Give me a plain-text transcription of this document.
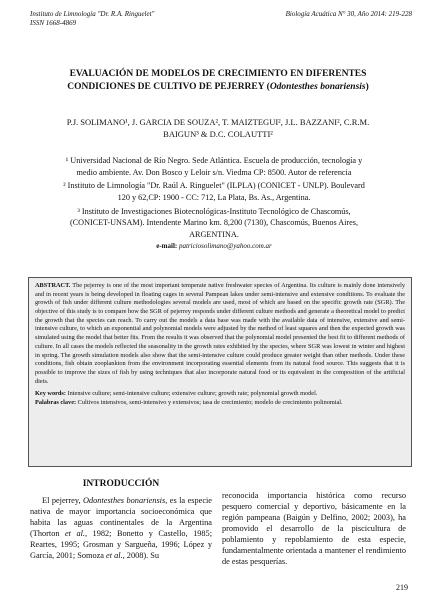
Instituto de Limnología "Dr. R.A. Ringuelet"
ISSN 1668-4869
Biología Acuática N° 30, Año 2014: 219-228
EVALUACIÓN DE MODELOS DE CRECIMIENTO EN DIFERENTES CONDICIONES DE CULTIVO DE PEJERREY (Odontesthes bonariensis)
P.J. SOLIMANO¹, J. GARCIA DE SOUZA², T. MAIZTEGUI², J.L. BAZZANI², C.R.M. BAIGUN³ & D.C. COLAUTTI²

¹ Universidad Nacional de Río Negro. Sede Atlántica. Escuela de producción, tecnología y medio ambiente. Av. Don Bosco y Leloir s/n. Viedma CP: 8500. Autor de referencia

² Instituto de Limnología "Dr. Raúl A. Ringuelet" (ILPLA) (CONICET - UNLP). Boulevard 120 y 62,CP: 1900 - CC: 712, La Plata, Bs. As., Argentina.

³ Instituto de Investigaciones Biotecnológicas-Instituto Tecnológico de Chascomús, (CONICET-UNSAM). Intendente Marino km. 8,200 (7130), Chascomús, Buenos Aires, ARGENTINA.

e-mail: patriciosolimano@yahoo.com.ar

ABSTRACT. The pejerrey is one of the most important temperate native freshwater species of Argentina. Its culture is mainly done intensively and in recent years is being developed in floating cages in several Pampean lakes under semi-intensive and extensive conditions. To evaluate the growth of fish under different culture methodologies several models are used, most of which are based on the specific growth rate (SGR). The objective of this study is to compare how the SGR of pejerrey responds under different culture methods and generate a theoretical model to predict the growth that the species can reach. To carry out the models a data base was made with the available data of intensive, extensive and semi-intensive culture, to which an exponential and polynomial models were adjusted by the method of least squares and then the expected growth was simulated using the model that better fits. From the results it was observed that the polynomial model presented the best fit to different methods of culture. In all cases the models reflected the seasonality in the growth rates exhibited by the species, where SGR was lowest in winter and highest in spring. The growth simulation models also show that the semi-intensive culture could produce greater weight than other methods. Under these conditions, fish obtain zooplankton from the environment incorporating essential elements from its natural food source. This suggests that it is possible to improve the sizes of fish by using techniques that also incorporate natural food or its equivalent in the composition of the artificial diets.

Key words: Intensive culture; semi-intensive culture; extensive culture; growth rate; polynomial growth model.

Palabras clave: Cultivos intensivos, semi-intensivo y extensivos; tasa de crecimiento; modelo de crecimiento polinomial.

INTRODUCCIÓN

El pejerrey, Odontesthes bonariensis, es la especie nativa de mayor importancia socioeconómica que habita las aguas continentales de la Argentina (Thorton et al., 1982; Bonetto y Castello, 1985; Reartes, 1995; Grosman y Sargueña, 1996; López y García, 2001; Somoza et al., 2008). Su

reconocida importancia histórica como recurso pesquero comercial y deportivo, básicamente en la región pampeana (Baigún y Delfino, 2002; 2003), ha promovido el desarrollo de la piscicultura de poblamiento y repoblamiento de esta especie, fundamentalmente orientada a mantener el rendimiento de estas pesquerías.

219
